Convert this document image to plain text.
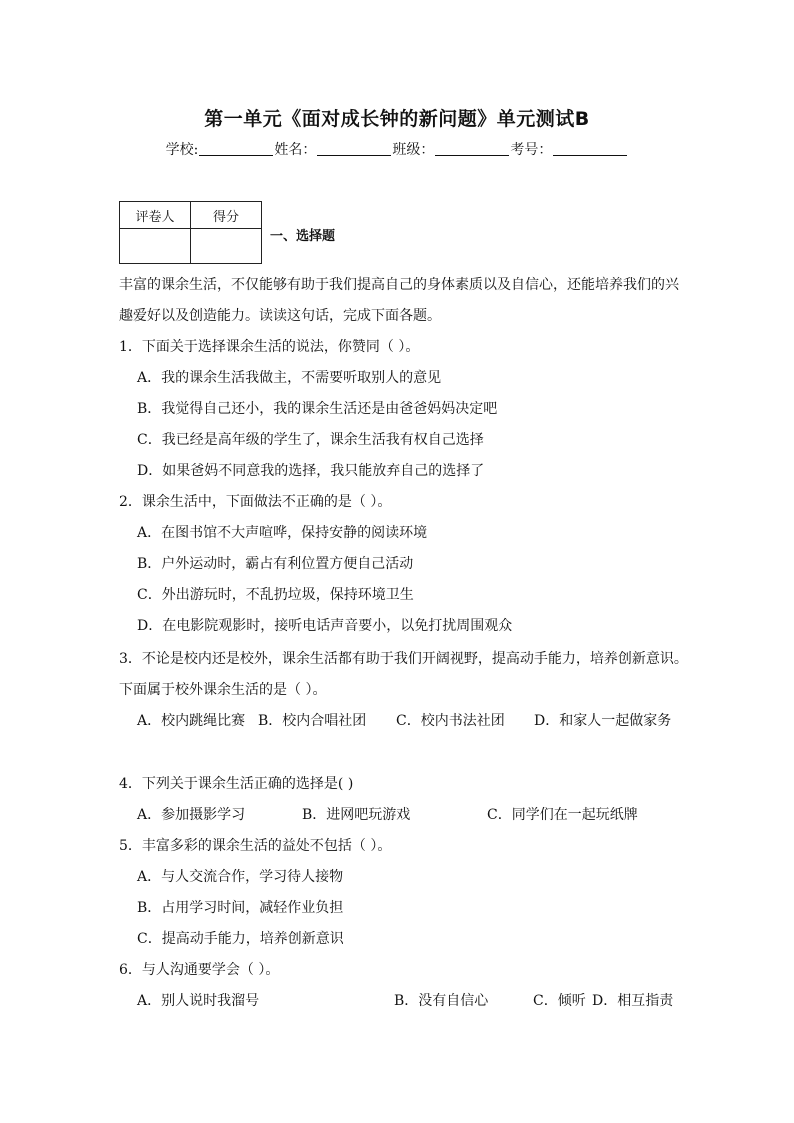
第一单元《面对成长钟的新问题》单元测试B
学校:	姓名：	班级：	考号：
评卷人	得分

一、选择题
丰富的课余生活，不仅能够有助于我们提高自己的身体素质以及自信心，还能培养我们的兴
趣爱好以及创造能力。读读这句话，完成下面各题。
1．下面关于选择课余生活的说法，你赞同（ ）。
A．我的课余生活我做主，不需要听取别人的意见
B．我觉得自己还小，我的课余生活还是由爸爸妈妈决定吧
C．我已经是高年级的学生了，课余生活我有权自己选择
D．如果爸妈不同意我的选择，我只能放弃自己的选择了
2．课余生活中，下面做法不正确的是（ ）。
A．在图书馆不大声喧哗，保持安静的阅读环境
B．户外运动时，霸占有利位置方便自己活动
C．外出游玩时，不乱扔垃圾，保持环境卫生
D．在电影院观影时，接听电话声音要小，以免打扰周围观众
3．不论是校内还是校外，课余生活都有助于我们开阔视野，提高动手能力，培养创新意识。
下面属于校外课余生活的是（ ）。
A．校内跳绳比赛 B．校内合唱社团 C．校内书法社团 D．和家人一起做家务
4．下列关于课余生活正确的选择是( )
A．参加摄影学习	B．进网吧玩游戏	C．同学们在一起玩纸牌
5．丰富多彩的课余生活的益处不包括（ ）。
A．与人交流合作，学习待人接物
B．占用学习时间，减轻作业负担
C．提高动手能力，培养创新意识
6．与人沟通要学会（ ）。
A．别人说时我溜号	B．没有自信心	C．倾听 D．相互指责
